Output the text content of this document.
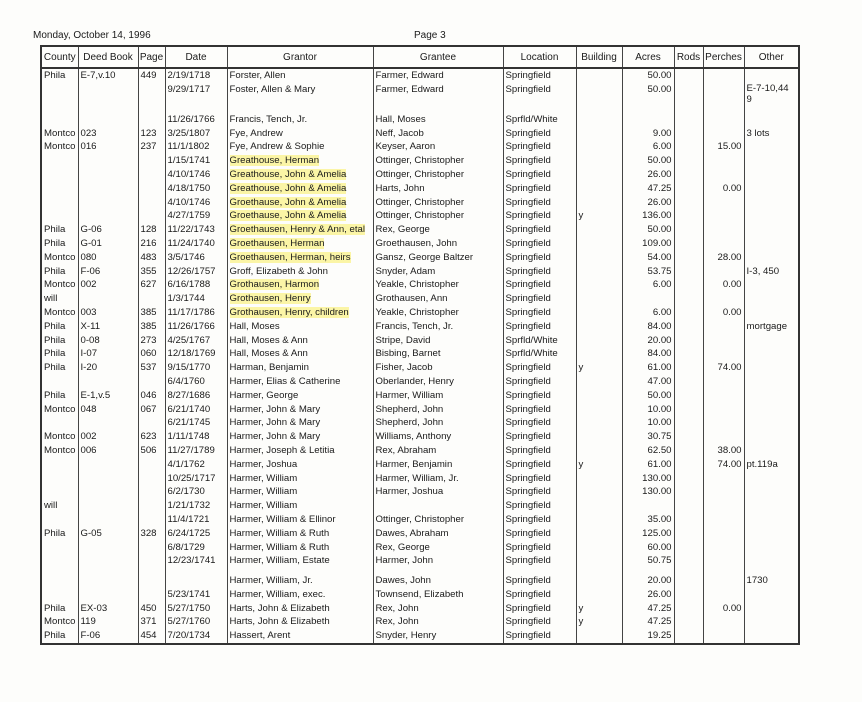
Monday, October 14, 1996	Page 3
County	Deed Book	Page	Date	Grantor	Grantee	Location	Building	Acres	Rods	Perches	Other
Phila	E-7,v.10	449	2/19/1718	Forster, Allen	Farmer, Edward	Springfield		50.00			
			9/29/1717	Foster, Allen & Mary	Farmer, Edward	Springfield		50.00			E-7-10,44 9

			11/26/1766	Francis, Tench, Jr.	Hall, Moses	Sprfld/White					
Montco	023	123	3/25/1807	Fye, Andrew	Neff, Jacob	Springfield		9.00			3 lots
Montco	016	237	11/1/1802	Fye, Andrew & Sophie	Keyser, Aaron	Springfield		6.00		15.00	
			1/15/1741	Greathouse, Herman	Ottinger, Christopher	Springfield		50.00			
			4/10/1746	Greathouse, John & Amelia	Ottinger, Christopher	Springfield		26.00			
			4/18/1750	Greathouse, John & Amelia	Harts, John	Springfield		47.25		0.00	
			4/10/1746	Groethause, John & Amelia	Ottinger, Christopher	Springfield		26.00			
			4/27/1759	Groethause, John & Amelia	Ottinger, Christopher	Springfield	y	136.00			
Phila	G-06	128	11/22/1743	Groethausen, Henry & Ann, etal	Rex, George	Springfield		50.00			
Phila	G-01	216	11/24/1740	Groethausen, Herman	Groethausen, John	Springfield		109.00			
Montco	080	483	3/5/1746	Groethausen, Herman, heirs	Gansz, George Baltzer	Springfield		54.00		28.00	
Phila	F-06	355	12/26/1757	Groff, Elizabeth & John	Snyder, Adam	Springfield		53.75			I-3, 450
Montco	002	627	6/16/1788	Grothausen, Harmon	Yeakle, Christopher	Springfield		6.00		0.00	
will			1/3/1744	Grothausen, Henry	Grothausen, Ann	Springfield					
Montco	003	385	11/17/1786	Grothausen, Henry, children	Yeakle, Christopher	Springfield		6.00		0.00	
Phila	X-11	385	11/26/1766	Hall, Moses	Francis, Tench, Jr.	Springfield		84.00			mortgage
Phila	0-08	273	4/25/1767	Hall, Moses & Ann	Stripe, David	Sprfld/White		20.00			
Phila	I-07	060	12/18/1769	Hall, Moses & Ann	Bisbing, Barnet	Sprfld/White		84.00			
Phila	I-20	537	9/15/1770	Harman, Benjamin	Fisher, Jacob	Springfield	y	61.00		74.00	
			6/4/1760	Harmer, Elias & Catherine	Oberlander, Henry	Springfield		47.00			
Phila	E-1,v.5	046	8/27/1686	Harmer, George	Harmer, William	Springfield		50.00			
Montco	048	067	6/21/1740	Harmer, John & Mary	Shepherd, John	Springfield		10.00			
			6/21/1745	Harmer, John & Mary	Shepherd, John	Springfield		10.00			
Montco	002	623	1/11/1748	Harmer, John & Mary	Williams, Anthony	Springfield		30.75			
Montco	006	506	11/27/1789	Harmer, Joseph & Letitia	Rex, Abraham	Springfield		62.50		38.00	
			4/1/1762	Harmer, Joshua	Harmer, Benjamin	Springfield	y	61.00		74.00	pt.119a
			10/25/1717	Harmer, William	Harmer, William, Jr.	Springfield		130.00			
			6/2/1730	Harmer, William	Harmer, Joshua	Springfield		130.00			
will			1/21/1732	Harmer, William		Springfield					
			11/4/1721	Harmer, William & Ellinor	Ottinger, Christopher	Springfield		35.00			
Phila	G-05	328	6/24/1725	Harmer, William & Ruth	Dawes, Abraham	Springfield		125.00			
			6/8/1729	Harmer, William & Ruth	Rex, George	Springfield		60.00			
			12/23/1741	Harmer, William, Estate	Harmer, John	Springfield		50.75			

				Harmer, William, Jr.	Dawes, John	Springfield		20.00			1730
			5/23/1741	Harmer, William, exec.	Townsend, Elizabeth	Springfield		26.00			
Phila	EX-03	450	5/27/1750	Harts, John & Elizabeth	Rex, John	Springfield	y	47.25		0.00	
Montco	119	371	5/27/1760	Harts, John & Elizabeth	Rex, John	Springfield	y	47.25			
Phila	F-06	454	7/20/1734	Hassert, Arent	Snyder, Henry	Springfield		19.25			
